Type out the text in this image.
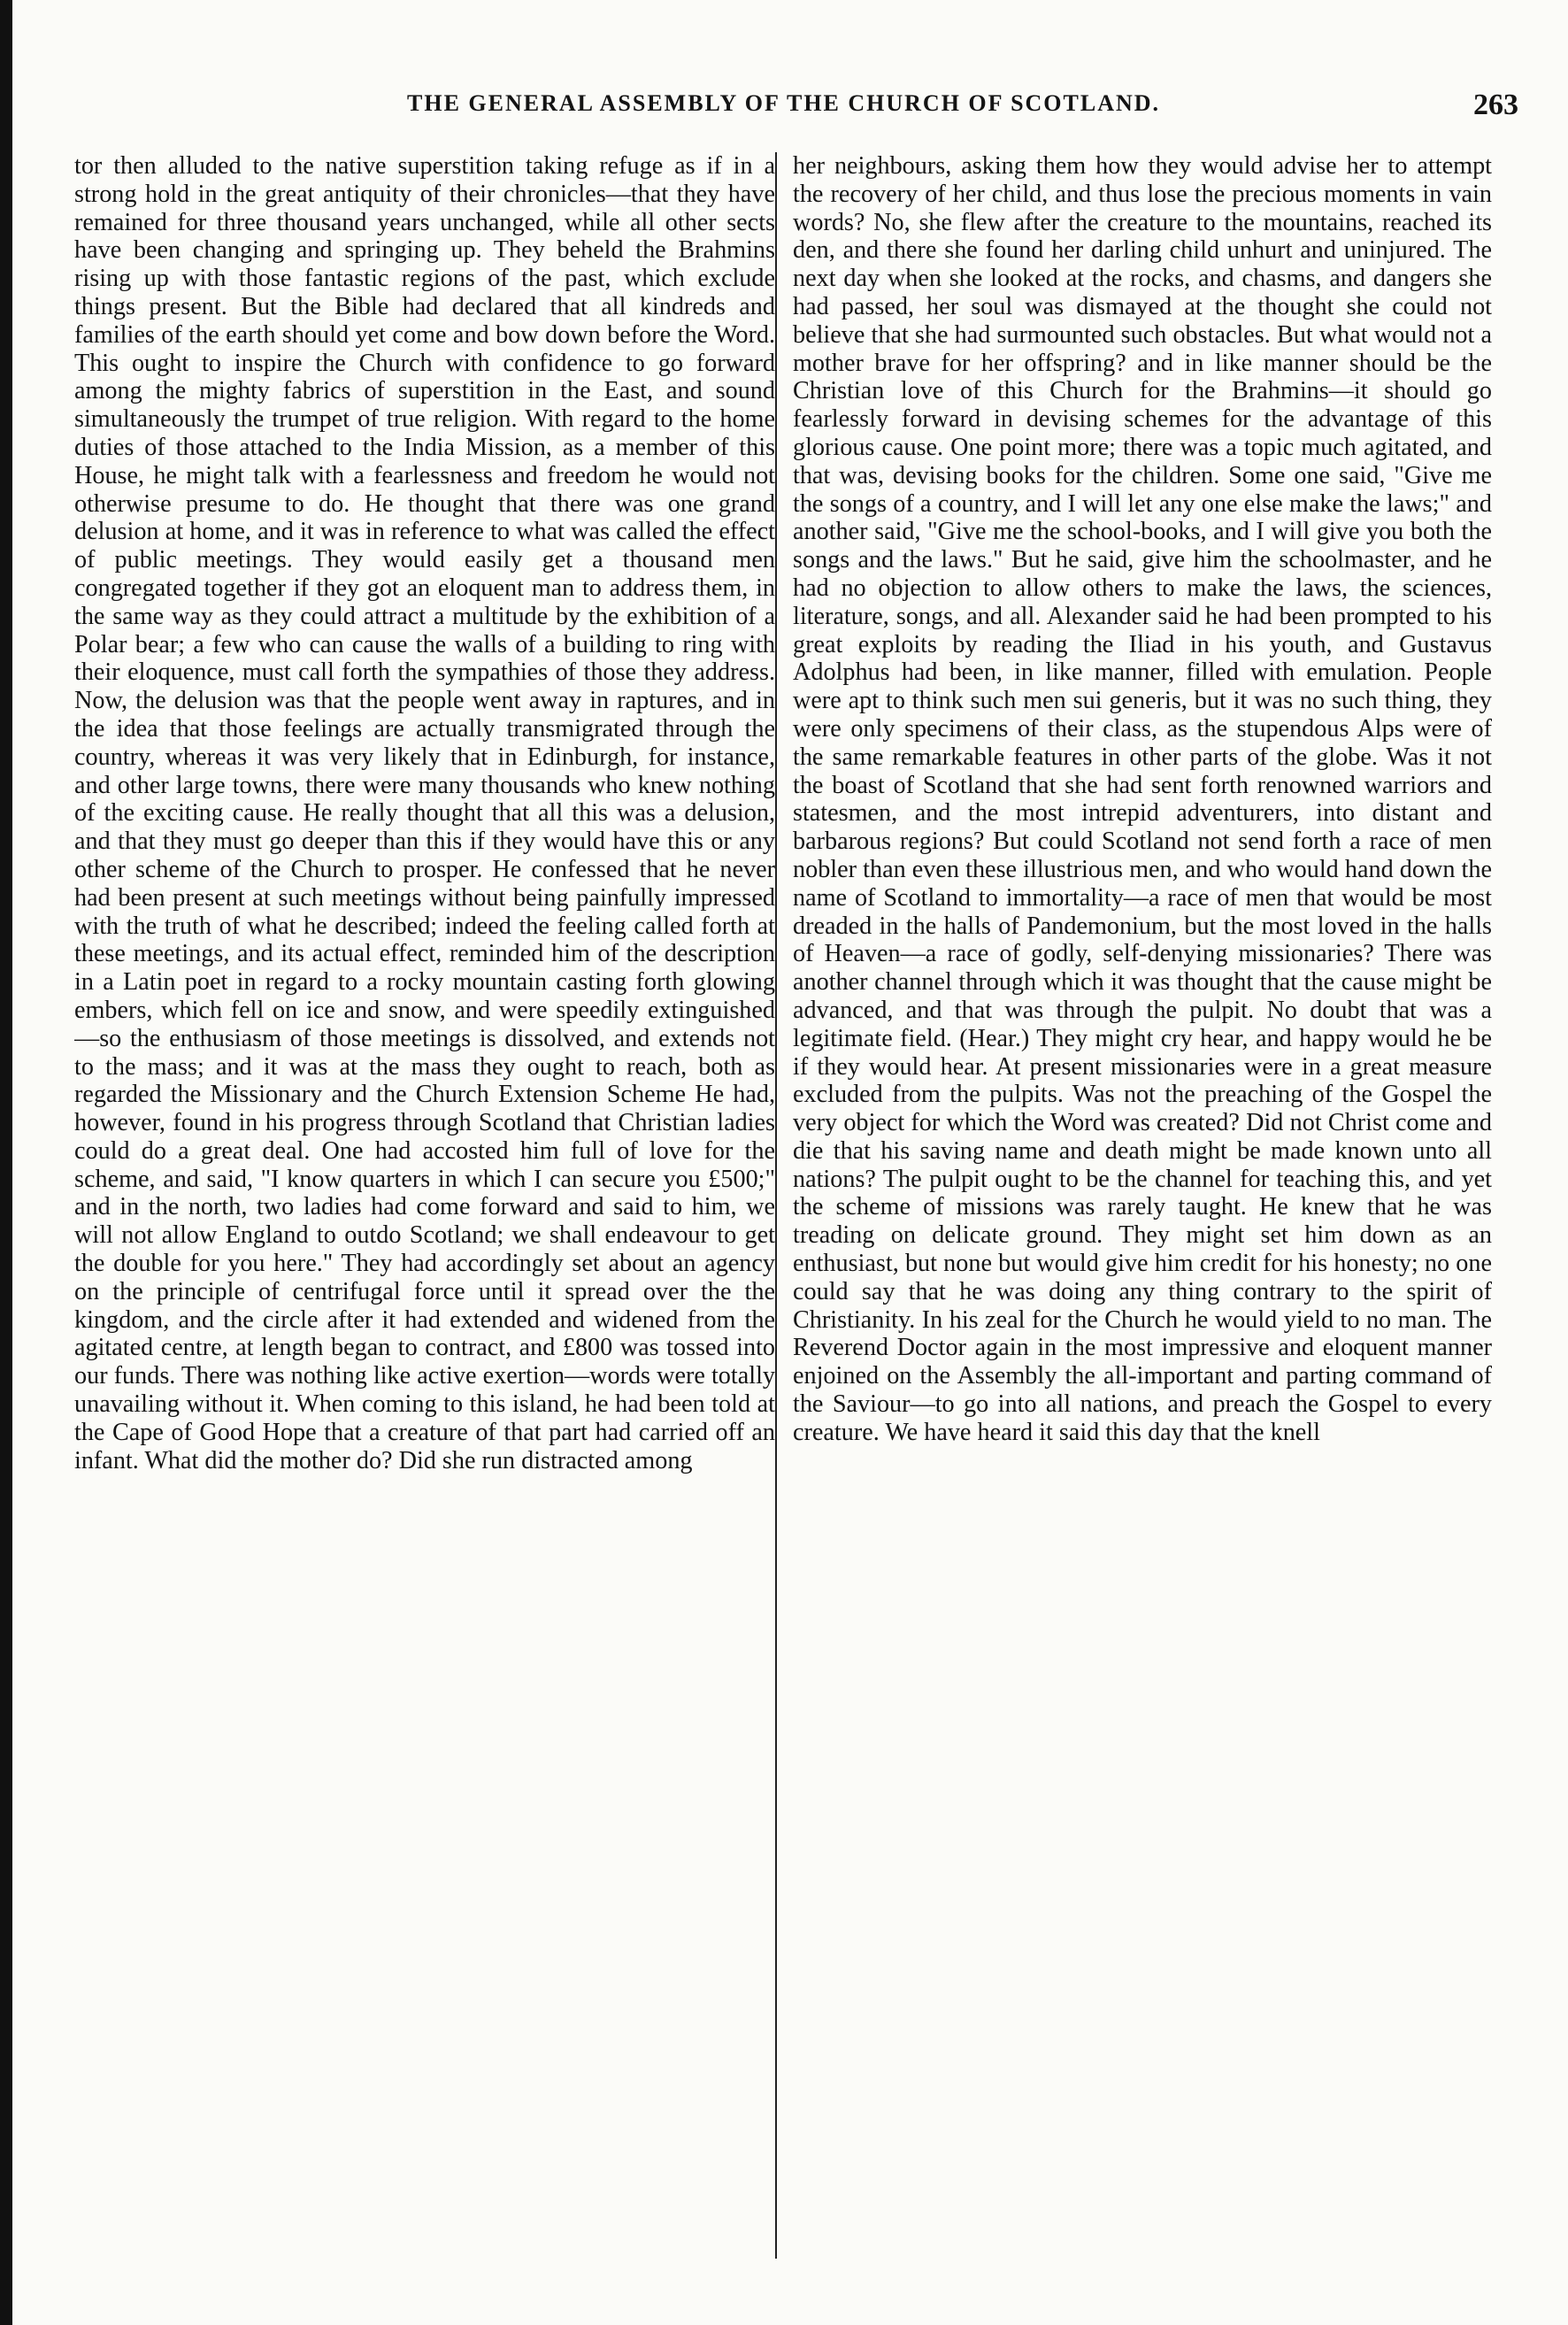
THE GENERAL ASSEMBLY OF THE CHURCH OF SCOTLAND.	263

tor then alluded to the native superstition taking refuge as if in a strong hold in the great antiquity of their chronicles—that they have remained for three thousand years unchanged, while all other sects have been changing and springing up. They beheld the Brahmins rising up with those fantastic regions of the past, which exclude things present. But the Bible had declared that all kindreds and families of the earth should yet come and bow down before the Word. This ought to inspire the Church with confidence to go forward among the mighty fabrics of superstition in the East, and sound simultaneously the trumpet of true religion. With regard to the home duties of those attached to the India Mission, as a member of this House, he might talk with a fearlessness and freedom he would not otherwise presume to do. He thought that there was one grand delusion at home, and it was in reference to what was called the effect of public meetings. They would easily get a thousand men congregated together if they got an eloquent man to address them, in the same way as they could attract a multitude by the exhibition of a Polar bear; a few who can cause the walls of a building to ring with their eloquence, must call forth the sympathies of those they address. Now, the delusion was that the people went away in raptures, and in the idea that those feelings are actually transmigrated through the country, whereas it was very likely that in Edinburgh, for instance, and other large towns, there were many thousands who knew nothing of the exciting cause. He really thought that all this was a delusion, and that they must go deeper than this if they would have this or any other scheme of the Church to prosper. He confessed that he never had been present at such meetings without being painfully impressed with the truth of what he described; indeed the feeling called forth at these meetings, and its actual effect, reminded him of the description in a Latin poet in regard to a rocky mountain casting forth glowing embers, which fell on ice and snow, and were speedily extinguished—so the enthusiasm of those meetings is dissolved, and extends not to the mass; and it was at the mass they ought to reach, both as regarded the Missionary and the Church Extension Scheme He had, however, found in his progress through Scotland that Christian ladies could do a great deal. One had accosted him full of love for the scheme, and said, "I know quarters in which I can secure you £500;" and in the north, two ladies had come forward and said to him, we will not allow England to outdo Scotland; we shall endeavour to get the double for you here." They had accordingly set about an agency on the principle of centrifugal force until it spread over the the kingdom, and the circle after it had extended and widened from the agitated centre, at length began to contract, and £800 was tossed into our funds. There was nothing like active exertion—words were totally unavailing without it. When coming to this island, he had been told at the Cape of Good Hope that a creature of that part had carried off an infant. What did the mother do? Did she run distracted among

her neighbours, asking them how they would advise her to attempt the recovery of her child, and thus lose the precious moments in vain words? No, she flew after the creature to the mountains, reached its den, and there she found her darling child unhurt and uninjured. The next day when she looked at the rocks, and chasms, and dangers she had passed, her soul was dismayed at the thought she could not believe that she had surmounted such obstacles. But what would not a mother brave for her offspring? and in like manner should be the Christian love of this Church for the Brahmins—it should go fearlessly forward in devising schemes for the advantage of this glorious cause. One point more; there was a topic much agitated, and that was, devising books for the children. Some one said, "Give me the songs of a country, and I will let any one else make the laws;" and another said, "Give me the school-books, and I will give you both the songs and the laws." But he said, give him the schoolmaster, and he had no objection to allow others to make the laws, the sciences, literature, songs, and all. Alexander said he had been prompted to his great exploits by reading the Iliad in his youth, and Gustavus Adolphus had been, in like manner, filled with emulation. People were apt to think such men sui generis, but it was no such thing, they were only specimens of their class, as the stupendous Alps were of the same remarkable features in other parts of the globe. Was it not the boast of Scotland that she had sent forth renowned warriors and statesmen, and the most intrepid adventurers, into distant and barbarous regions? But could Scotland not send forth a race of men nobler than even these illustrious men, and who would hand down the name of Scotland to immortality—a race of men that would be most dreaded in the halls of Pandemonium, but the most loved in the halls of Heaven—a race of godly, self-denying missionaries? There was another channel through which it was thought that the cause might be advanced, and that was through the pulpit. No doubt that was a legitimate field. (Hear.) They might cry hear, and happy would he be if they would hear. At present missionaries were in a great measure excluded from the pulpits. Was not the preaching of the Gospel the very object for which the Word was created? Did not Christ come and die that his saving name and death might be made known unto all nations? The pulpit ought to be the channel for teaching this, and yet the scheme of missions was rarely taught. He knew that he was treading on delicate ground. They might set him down as an enthusiast, but none but would give him credit for his honesty; no one could say that he was doing any thing contrary to the spirit of Christianity. In his zeal for the Church he would yield to no man. The Reverend Doctor again in the most impressive and eloquent manner enjoined on the Assembly the all-important and parting command of the Saviour—to go into all nations, and preach the Gospel to every creature. We have heard it said this day that the knell
